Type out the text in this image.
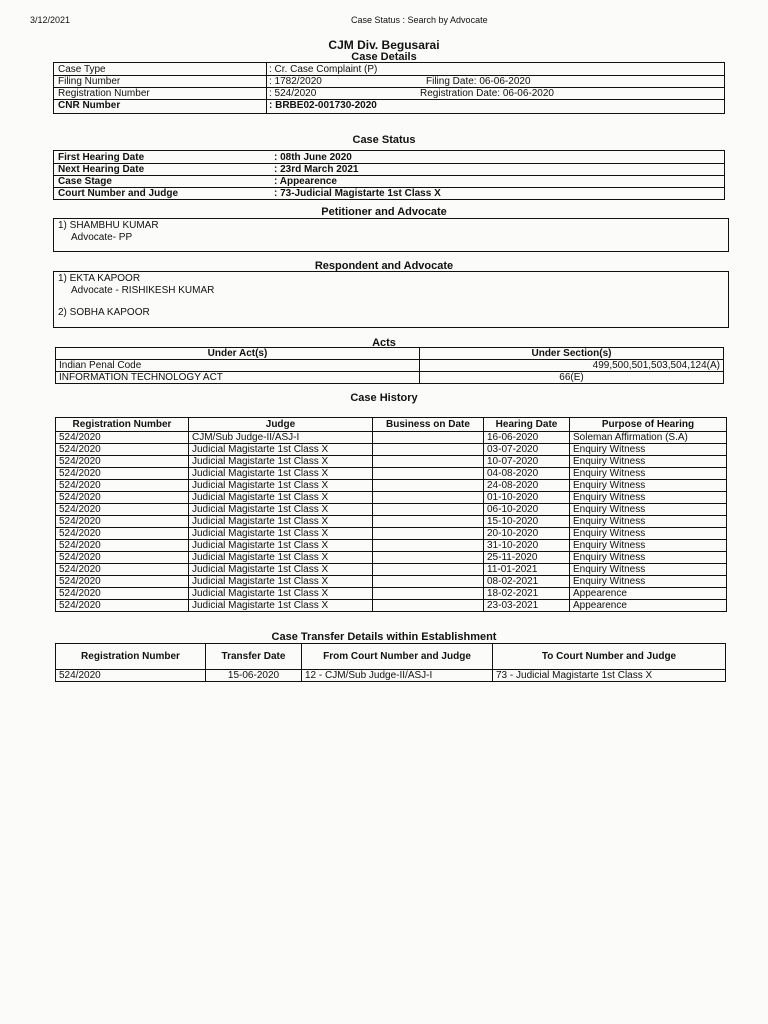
3/12/2021	Case Status : Search by Advocate
CJM Div. Begusarai
Case Details
Case Type	: Cr. Case Complaint (P)
Filing Number	: 1782/2020	Filing Date: 06-06-2020
Registration Number	: 524/2020	Registration Date: 06-06-2020
CNR Number	: BRBE02-001730-2020
Case Status
First Hearing Date	: 08th June 2020
Next Hearing Date	: 23rd March 2021
Case Stage	: Appearence
Court Number and Judge	: 73-Judicial Magistarte 1st Class X
Petitioner and Advocate
1) SHAMBHU KUMAR
Advocate- PP
Respondent and Advocate
1) EKTA KAPOOR
Advocate - RISHIKESH KUMAR
2) SOBHA KAPOOR
Acts
Under Act(s)	Under Section(s)
Indian Penal Code	499,500,501,503,504,124(A)
INFORMATION TECHNOLOGY ACT	66(E)
Case History
Registration Number	Judge	Business on Date	Hearing Date	Purpose of Hearing
524/2020	CJM/Sub Judge-II/ASJ-I		16-06-2020	Soleman Affirmation (S.A)
524/2020	Judicial Magistarte 1st Class X		03-07-2020	Enquiry Witness
524/2020	Judicial Magistarte 1st Class X		10-07-2020	Enquiry Witness
524/2020	Judicial Magistarte 1st Class X		04-08-2020	Enquiry Witness
524/2020	Judicial Magistarte 1st Class X		24-08-2020	Enquiry Witness
524/2020	Judicial Magistarte 1st Class X		01-10-2020	Enquiry Witness
524/2020	Judicial Magistarte 1st Class X		06-10-2020	Enquiry Witness
524/2020	Judicial Magistarte 1st Class X		15-10-2020	Enquiry Witness
524/2020	Judicial Magistarte 1st Class X		20-10-2020	Enquiry Witness
524/2020	Judicial Magistarte 1st Class X		31-10-2020	Enquiry Witness
524/2020	Judicial Magistarte 1st Class X		25-11-2020	Enquiry Witness
524/2020	Judicial Magistarte 1st Class X		11-01-2021	Enquiry Witness
524/2020	Judicial Magistarte 1st Class X		08-02-2021	Enquiry Witness
524/2020	Judicial Magistarte 1st Class X		18-02-2021	Appearence
524/2020	Judicial Magistarte 1st Class X		23-03-2021	Appearence
Case Transfer Details within Establishment
Registration Number	Transfer Date	From Court Number and Judge	To Court Number and Judge
524/2020	15-06-2020	12 - CJM/Sub Judge-II/ASJ-I	73 - Judicial Magistarte 1st Class X
